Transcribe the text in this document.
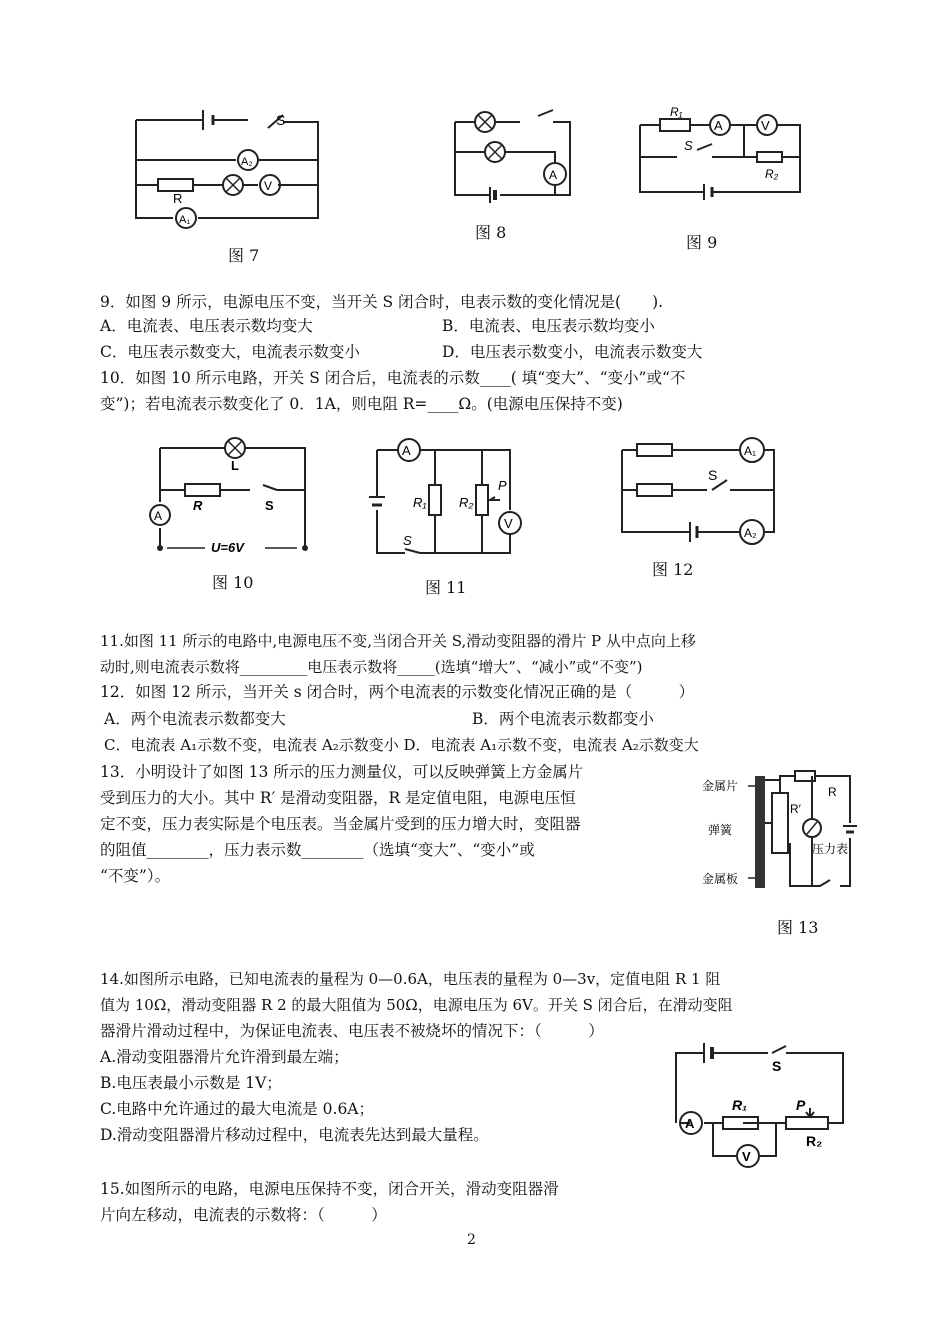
A₂
V
A₁
S
R
图 7
A
图 8
A	V
R₁
S
R₂
图 9
9．如图 9 所示，电源电压不变，当开关 S 闭合时，电表示数的变化情况是(　　).
A．电流表、电压表示数均变大	B．电流表、电压表示数均变小
C．电压表示数变大，电流表示数变小	D．电压表示数变小，电流表示数变大
10．如图 10 所示电路，开关 S 闭合后，电流表的示数____( 填“变大”、“变小”或“不
变”)；若电流表示数变化了 0．1A，则电阻 R=____Ω。(电源电压保持不变)
A
L
R	S
U=6V
图 10
A
V
R₁	R₂
P
S
图 11
A₁
A₂
S
图 12
11.如图 11 所示的电路中,电源电压不变,当闭合开关 S,滑动变阻器的滑片 P 从中点向上移
动时,则电流表示数将_________电压表示数将_____(选填“增大”、“减小”或“不变”)
12．如图 12 所示，当开关 s 闭合时，两个电流表的示数变化情况正确的是（　　　）
A．两个电流表示数都变大	B．两个电流表示数都变小
C．电流表 A₁示数不变，电流表 A₂示数变小 D．电流表 A₁示数不变，电流表 A₂示数变大
13．小明设计了如图 13 所示的压力测量仪，可以反映弹簧上方金属片
受到压力的大小。其中 R′ 是滑动变阻器，R 是定值电阻，电源电压恒
定不变，压力表实际是个电压表。当金属片受到的压力增大时，变阻器
的阻值________，压力表示数________（选填“变大”、“变小”或
“不变”）。
金属片
弹簧
金属板
R′
R
压力表
图 13
14.如图所示电路，已知电流表的量程为 0—0.6A，电压表的量程为 0—3v，定值电阻 R 1 阻
值为 10Ω，滑动变阻器 R 2 的最大阻值为 50Ω，电源电压为 6V。开关 S 闭合后，在滑动变阻
器滑片滑动过程中，为保证电流表、电压表不被烧坏的情况下：（　　　）
A.滑动变阻器滑片允许滑到最左端；
B.电压表最小示数是 1V；
C.电路中允许通过的最大电流是 0.6A；
D.滑动变阻器滑片移动过程中，电流表先达到最大量程。
A
V
S
R₁	P
R₂
15.如图所示的电路，电源电压保持不变，闭合开关，滑动变阻器滑
片向左移动，电流表的示数将：（　　　）
2
